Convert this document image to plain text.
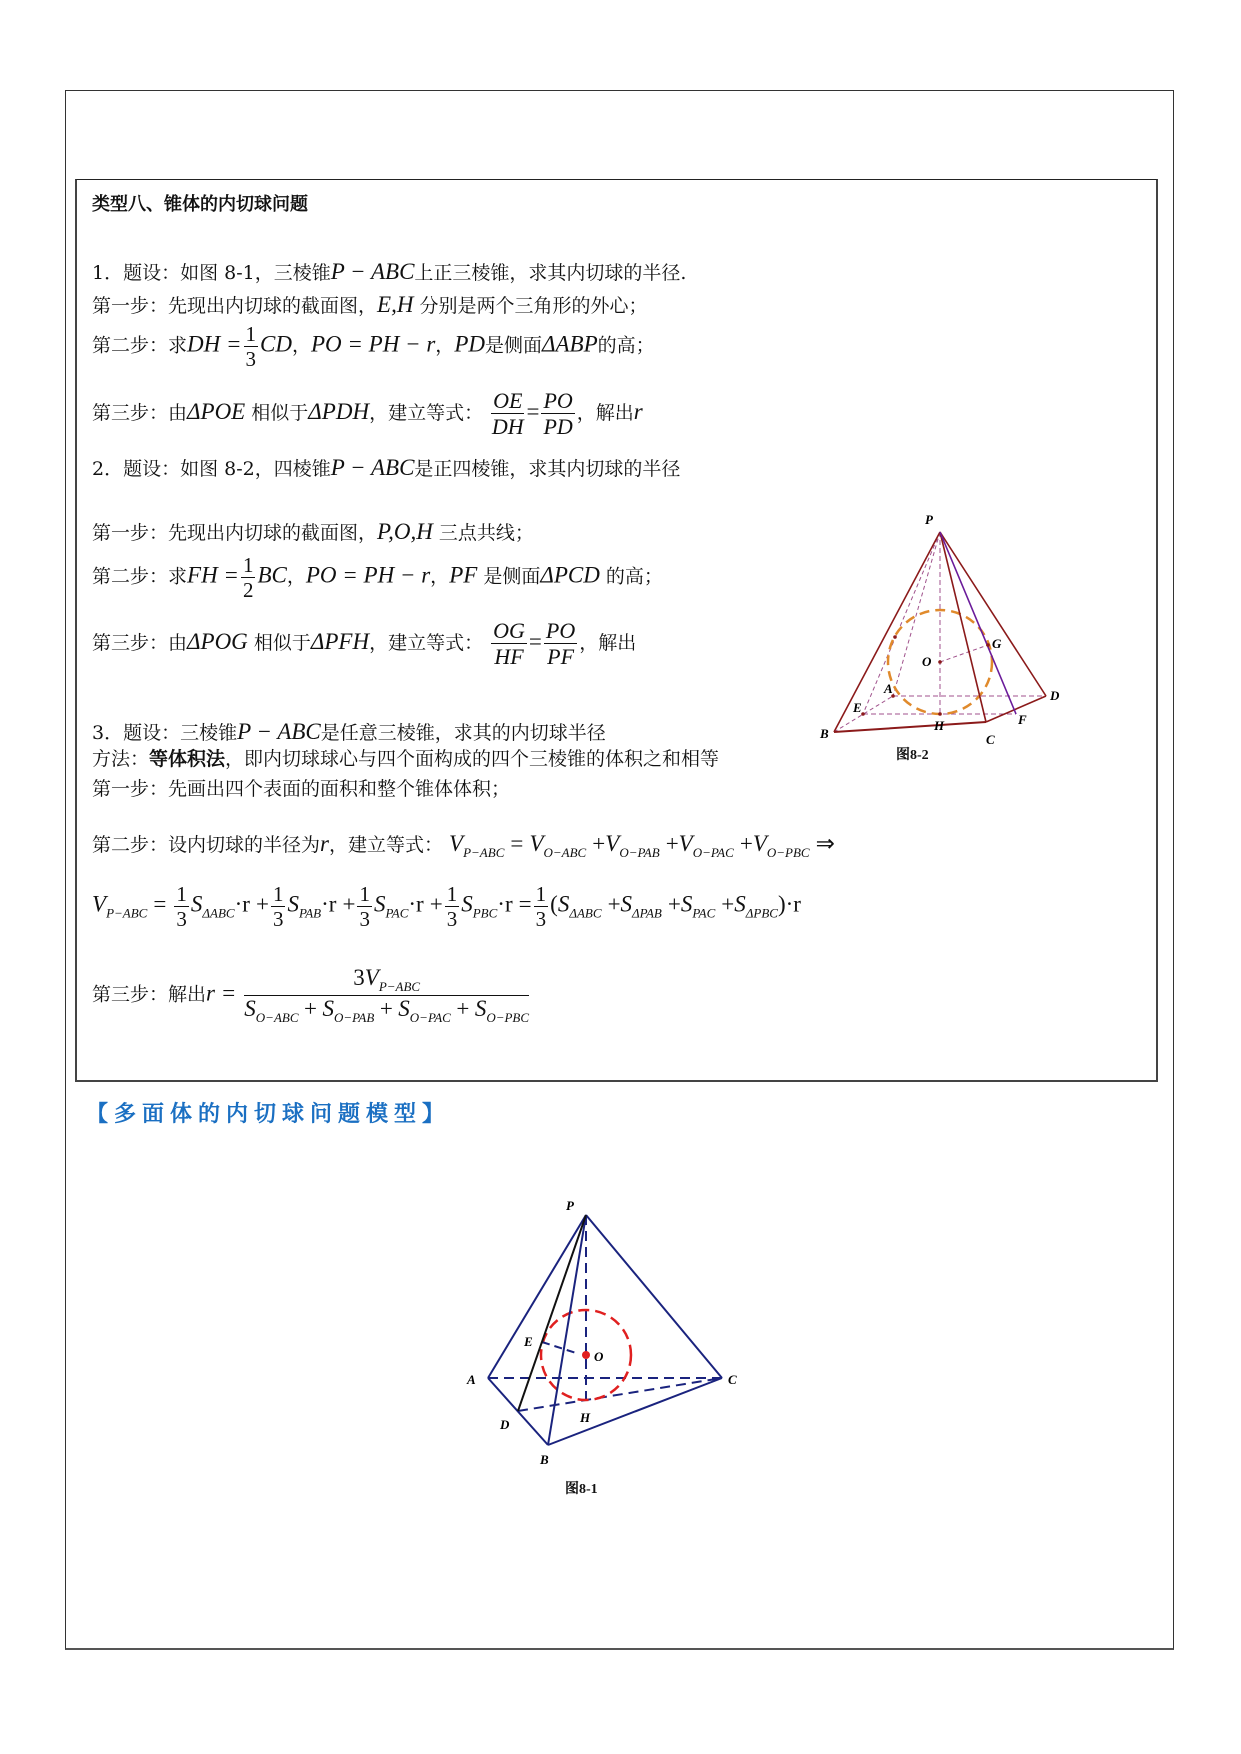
类型八、锥体的内切球问题
1．题设：如图 8-1，三棱锥P − ABC上正三棱锥，求其内切球的半径.
第一步：先现出内切球的截面图，E,H 分别是两个三角形的外心；
第二步：求DH = $\frac{1}{3}$ CD，PO = PH − r，PD是侧面ΔABP的高；
第三步：由ΔPOE 相似于ΔPDH，建立等式： $\frac{OE}{DH} = \frac{PO}{PD}$ ，解出r
2．题设：如图 8-2，四棱锥P − ABC是正四棱锥，求其内切球的半径
第一步：先现出内切球的截面图，P,O,H 三点共线；
第二步：求FH = $\frac{1}{2}$ BC，PO = PH − r，PF 是侧面ΔPCD 的高；
第三步：由ΔPOG 相似于ΔPFH，建立等式： $\frac{OG}{HF} = \frac{PO}{PF}$ ，解出
P
G
O
A	D
E
H	F
B	C
图8-2
3．题设：三棱锥P − ABC是任意三棱锥，求其的内切球半径
方法：等体积法，即内切球球心与四个面构成的四个三棱锥的体积之和相等
第一步：先画出四个表面的面积和整个锥体体积；
第二步：设内切球的半径为r，建立等式： $V_{P-ABC} = V_{O-ABC} +V_{O-PAB} +V_{O-PAC} +V_{O-PBC}$ ⇒
$V_{P-ABC} = \frac{1}{3} S_{\Delta ABC}\cdot r + \frac{1}{3} S_{PAB}\cdot r + \frac{1}{3} S_{PAC}\cdot r + \frac{1}{3} S_{PBC}\cdot r = \frac{1}{3} (S_{\Delta ABC} +S_{\Delta PAB} +S_{PAC} +S_{\Delta PBC})\cdot r$
第三步：解出$r = \frac{3V_{P-ABC}}{S_{O-ABC} + S_{O-PAB} + S_{O-PAC} + S_{O-PBC}}$
【多面体的内切球问题模型】
P
E
O
A	C
D	H
B
图8-1
